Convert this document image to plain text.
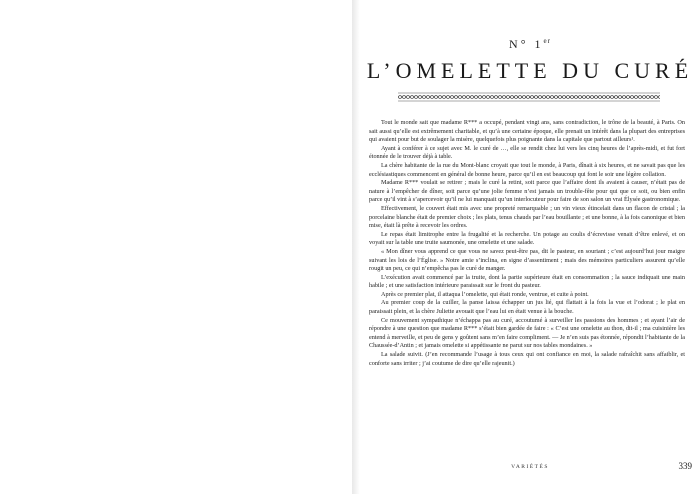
N° 1er
L’OMELETTE DU CURÉ

Tout le monde sait que madame R*** a occupé, pendant vingt ans, sans contradiction, le trône de la beauté, à Paris. On sait aussi qu’elle est extrêmement charitable, et qu’à une certaine époque, elle prenait un intérêt dans la plupart des entreprises qui avaient pour but de soulager la misère, quelquefois plus poignante dans la capitale que partout ailleurs¹.

Ayant à conférer à ce sujet avec M. le curé de …, elle se rendit chez lui vers les cinq heures de l’après-midi, et fut fort étonnée de le trouver déjà à table.

La chère habitante de la rue du Mont-blanc croyait que tout le monde, à Paris, dînait à six heures, et ne savait pas que les ecclésiastiques commencent en général de bonne heure, parce qu’il en est beaucoup qui font le soir une légère collation.

Madame R*** voulait se retirer ; mais le curé la retint, soit parce que l’affaire dont ils avaient à causer, n’était pas de nature à l’empêcher de dîner, soit parce qu’une jolie femme n’est jamais un trouble-fête pour qui que ce soit, ou bien enfin parce qu’il vint à s’apercevoir qu’il ne lui manquait qu’un interlocuteur pour faire de son salon un vrai Élysée gastronomique.

Effectivement, le couvert était mis avec une propreté remarquable ; un vin vieux étincelait dans un flacon de cristal ; la porcelaine blanche était de premier choix ; les plats, tenus chauds par l’eau bouillante ; et une bonne, à la fois canonique et bien mise, était là prête à recevoir les ordres.

Le repas était limitrophe entre la frugalité et la recherche. Un potage au coulis d’écrevisse venait d’être enlevé, et on voyait sur la table une truite saumonée, une omelette et une salade.

« Mon dîner vous apprend ce que vous ne savez peut-être pas, dit le pasteur, en souriant ; c’est aujourd’hui jour maigre suivant les lois de l’Église. » Notre amie s’inclina, en signe d’assentiment ; mais des mémoires particuliers assurent qu’elle rougit un peu, ce qui n’empêcha pas le curé de manger.

L’exécution avait commencé par la truite, dont la partie supérieure était en consommation ; la sauce indiquait une main habile ; et une satisfaction intérieure paraissait sur le front du pasteur.

Après ce premier plat, il attaqua l’omelette, qui était ronde, ventrue, et cuite à point.

Au premier coup de la cuiller, la panse laissa échapper un jus lié, qui flattait à la fois la vue et l’odorat ; le plat en paraissait plein, et la chère Juliette avouait que l’eau lui en était venue à la bouche.

Ce mouvement sympathique n’échappa pas au curé, accoutumé à surveiller les passions des hommes ; et ayant l’air de répondre à une question que madame R*** s’était bien gardée de faire : « C’est une omelette au thon, dit-il ; ma cuisinière les entend à merveille, et peu de gens y goûtent sans m’en faire compliment. — Je n’en suis pas étonnée, répondit l’habitante de la Chaussée-d’Antin ; et jamais omelette si appétissante ne parut sur nos tables mondaines. »

La salade suivit. (J’en recommande l’usage à tous ceux qui ont confiance en moi, la salade rafraîchit sans affaiblir, et conforte sans irriter ; j’ai coutume de dire qu’elle rajeunit.)

VARIÉTÉS	339
